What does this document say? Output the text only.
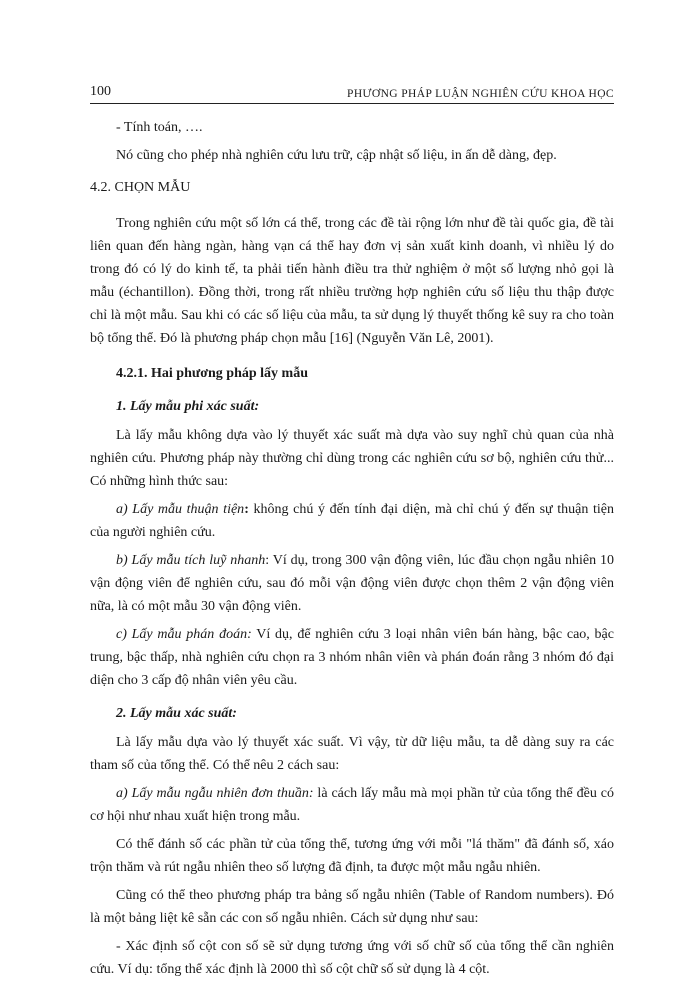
100	PHƯƠNG PHÁP LUẬN NGHIÊN CỨU KHOA HỌC

- Tính toán, ….

Nó cũng cho phép nhà nghiên cứu lưu trữ, cập nhật số liệu, in ấn dễ dàng, đẹp.

4.2. CHỌN MẪU

Trong nghiên cứu một số lớn cá thể, trong các đề tài rộng lớn như đề tài quốc gia, đề tài liên quan đến hàng ngàn, hàng vạn cá thể hay đơn vị sản xuất kinh doanh, vì nhiều lý do trong đó có lý do kinh tế, ta phải tiến hành điều tra thử nghiệm ở một số lượng nhỏ gọi là mẫu (échantillon). Đồng thời, trong rất nhiều trường hợp nghiên cứu số liệu thu thập được chỉ là một mẫu. Sau khi có các số liệu của mẫu, ta sử dụng lý thuyết thống kê suy ra cho toàn bộ tổng thể. Đó là phương pháp chọn mẫu [16] (Nguyễn Văn Lê, 2001).

4.2.1. Hai phương pháp lấy mẫu

1. Lấy mẫu phi xác suất:

Là lấy mẫu không dựa vào lý thuyết xác suất mà dựa vào suy nghĩ chủ quan của nhà nghiên cứu. Phương pháp này thường chỉ dùng trong các nghiên cứu sơ bộ, nghiên cứu thử... Có những hình thức sau:

a) Lấy mẫu thuận tiện: không chú ý đến tính đại diện, mà chỉ chú ý đến sự thuận tiện của người nghiên cứu.

b) Lấy mẫu tích luỹ nhanh: Ví dụ, trong 300 vận động viên, lúc đầu chọn ngẫu nhiên 10 vận động viên để nghiên cứu, sau đó mỗi vận động viên được chọn thêm 2 vận động viên nữa, là có một mẫu 30 vận động viên.

c) Lấy mẫu phán đoán: Ví dụ, để nghiên cứu 3 loại nhân viên bán hàng, bậc cao, bậc trung, bậc thấp, nhà nghiên cứu chọn ra 3 nhóm nhân viên và phán đoán rằng 3 nhóm đó đại diện cho 3 cấp độ nhân viên yêu cầu.

2. Lấy mẫu xác suất:

Là lấy mẫu dựa vào lý thuyết xác suất. Vì vậy, từ dữ liệu mẫu, ta dễ dàng suy ra các tham số của tổng thể. Có thể nêu 2 cách sau:

a) Lấy mẫu ngẫu nhiên đơn thuần: là cách lấy mẫu mà mọi phần tử của tổng thể đều có cơ hội như nhau xuất hiện trong mẫu.

Có thể đánh số các phần tử của tổng thể, tương ứng với mỗi "lá thăm" đã đánh số, xáo trộn thăm và rút ngẫu nhiên theo số lượng đã định, ta được một mẫu ngẫu nhiên.

Cũng có thể theo phương pháp tra bảng số ngẫu nhiên (Table of Random numbers). Đó là một bảng liệt kê sẵn các con số ngẫu nhiên. Cách sử dụng như sau:

- Xác định số cột con số sẽ sử dụng tương ứng với số chữ số của tổng thể cần nghiên cứu. Ví dụ: tổng thể xác định là 2000 thì số cột chữ số sử dụng là 4 cột.
